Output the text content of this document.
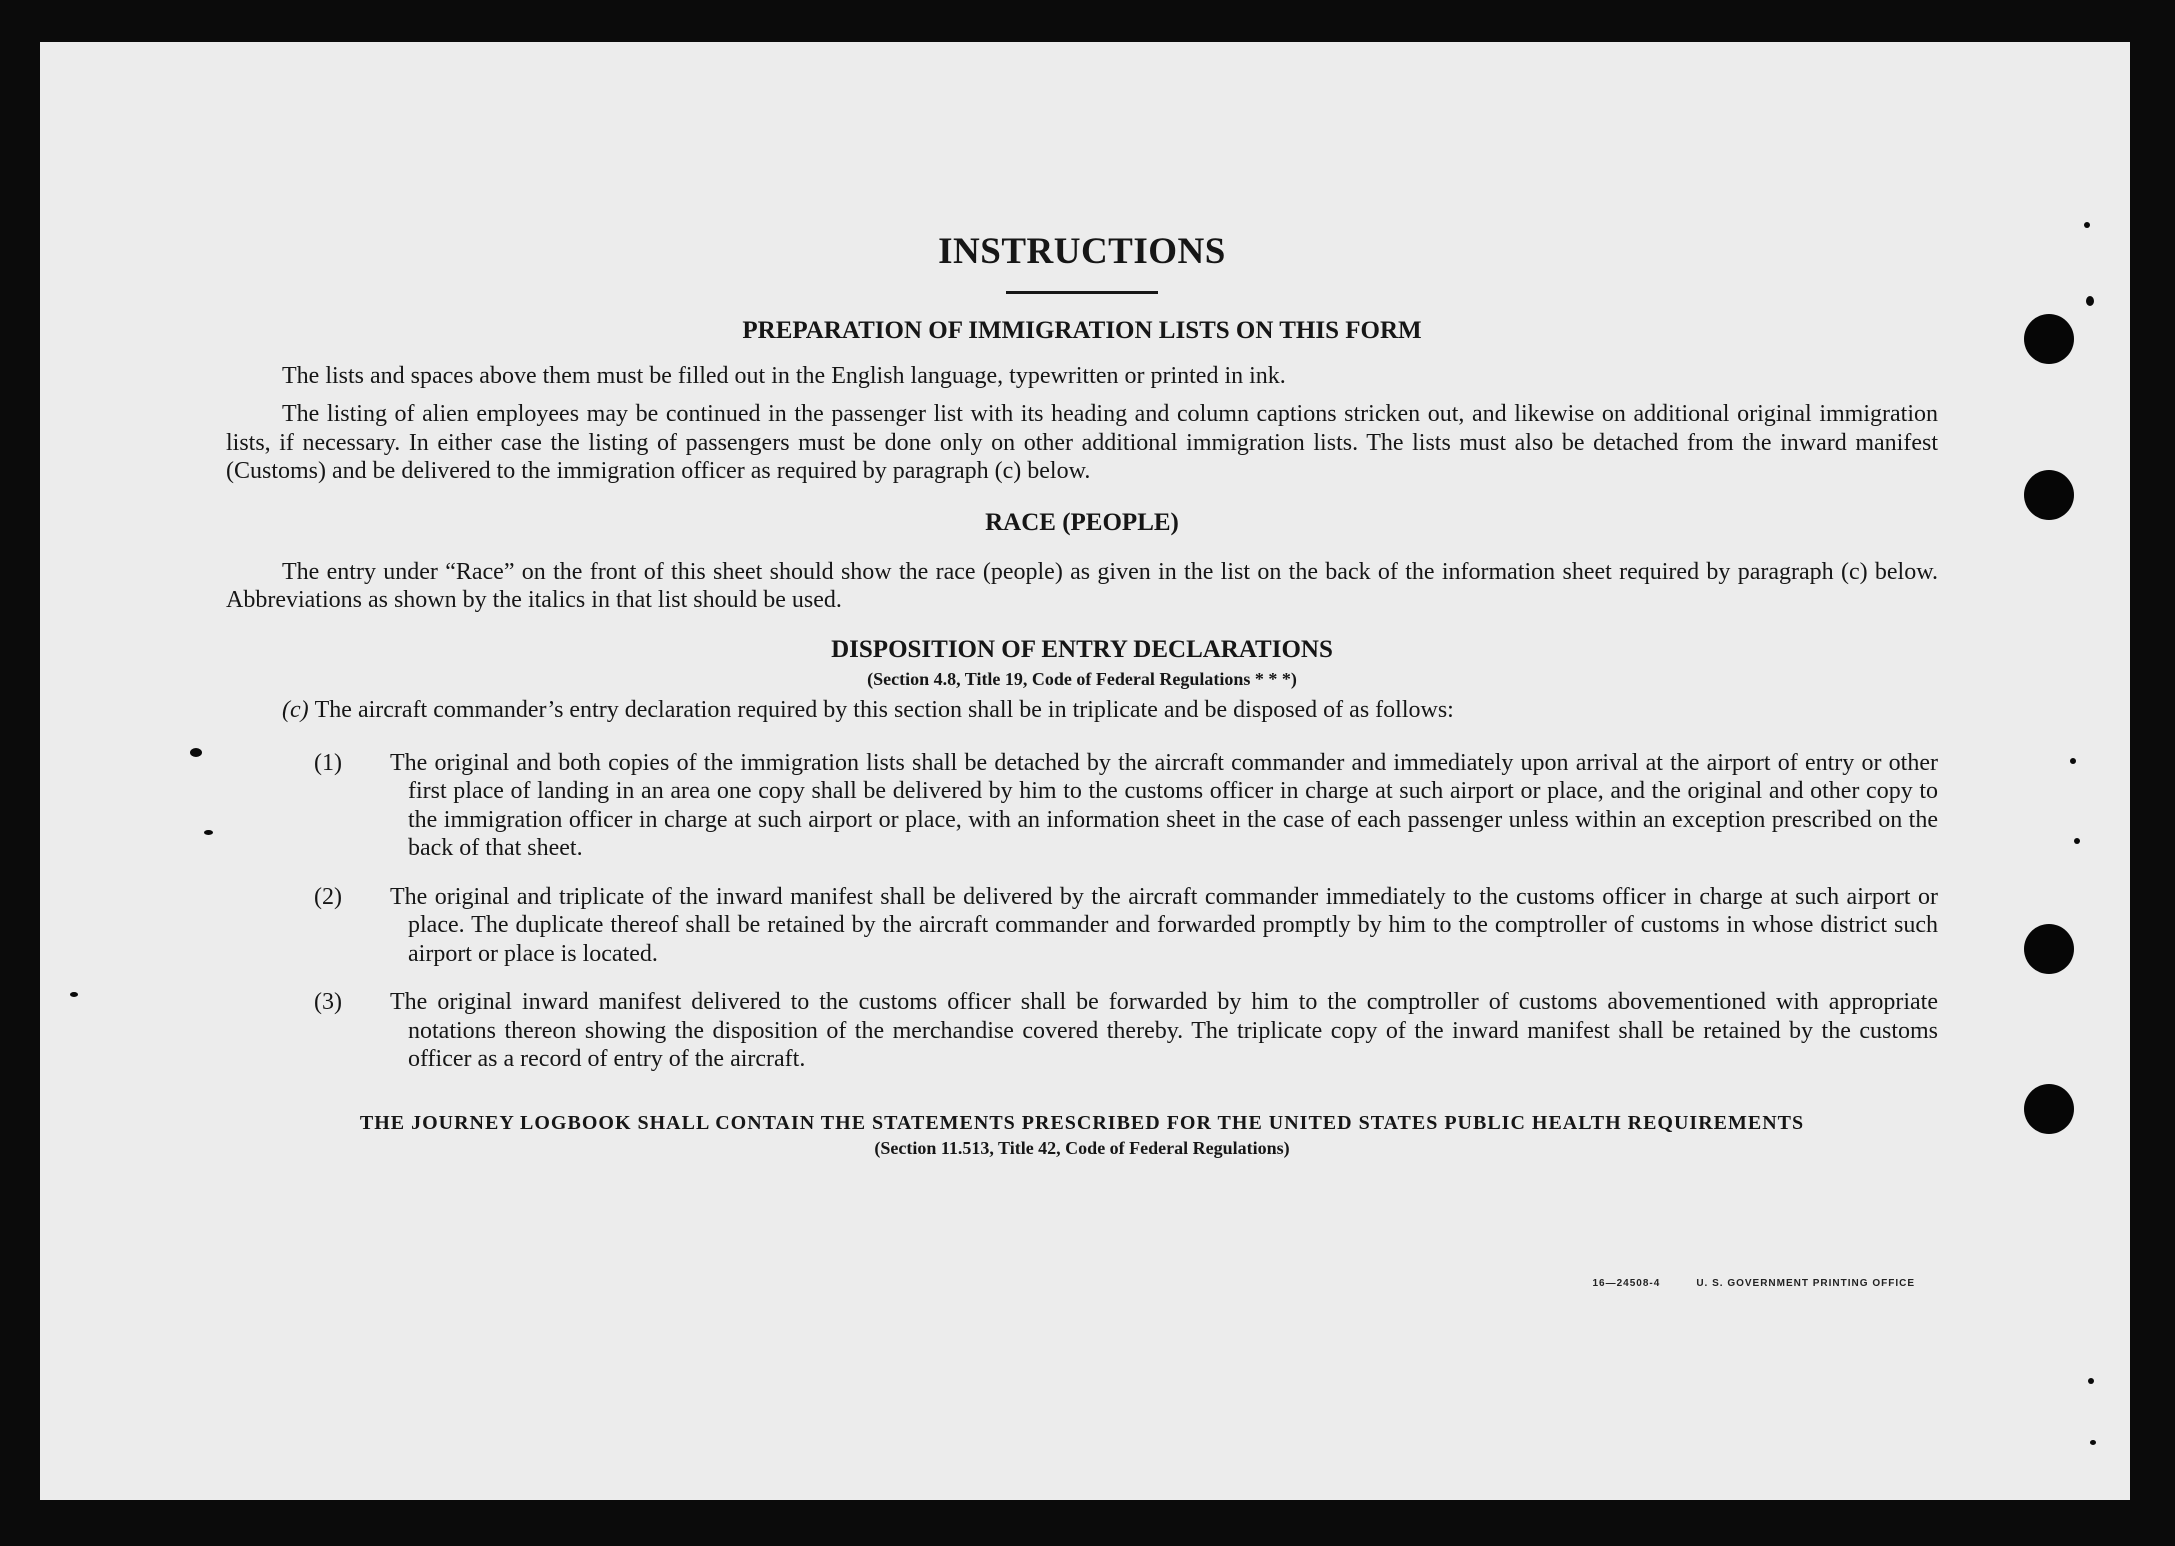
INSTRUCTIONS
PREPARATION OF IMMIGRATION LISTS ON THIS FORM

The lists and spaces above them must be filled out in the English language, typewritten or printed in ink.

The listing of alien employees may be continued in the passenger list with its heading and column captions stricken out, and likewise on additional original immigration lists, if necessary. In either case the listing of passengers must be done only on other additional immigration lists. The lists must also be detached from the inward manifest (Customs) and be delivered to the immigration officer as required by paragraph (c) below.

RACE (PEOPLE)

The entry under “Race” on the front of this sheet should show the race (people) as given in the list on the back of the information sheet required by paragraph (c) below. Abbreviations as shown by the italics in that list should be used.

DISPOSITION OF ENTRY DECLARATIONS

(Section 4.8, Title 19, Code of Federal Regulations * * *)

(c) The aircraft commander’s entry declaration required by this section shall be in triplicate and be disposed of as follows:

(1) The original and both copies of the immigration lists shall be detached by the aircraft commander and immediately upon arrival at the airport of entry or other first place of landing in an area one copy shall be delivered by him to the customs officer in charge at such airport or place, and the original and other copy to the immigration officer in charge at such airport or place, with an information sheet in the case of each passenger unless within an exception prescribed on the back of that sheet.
(2) The original and triplicate of the inward manifest shall be delivered by the aircraft commander immediately to the customs officer in charge at such airport or place. The duplicate thereof shall be retained by the aircraft commander and forwarded promptly by him to the comptroller of customs in whose district such airport or place is located.
(3) The original inward manifest delivered to the customs officer shall be forwarded by him to the comptroller of customs abovementioned with appropriate notations thereon showing the disposition of the merchandise covered thereby. The triplicate copy of the inward manifest shall be retained by the customs officer as a record of entry of the aircraft.

THE JOURNEY LOGBOOK SHALL CONTAIN THE STATEMENTS PRESCRIBED FOR THE UNITED STATES PUBLIC HEALTH REQUIREMENTS

(Section 11.513, Title 42, Code of Federal Regulations)

16—24508-4	U. S. GOVERNMENT PRINTING OFFICE
